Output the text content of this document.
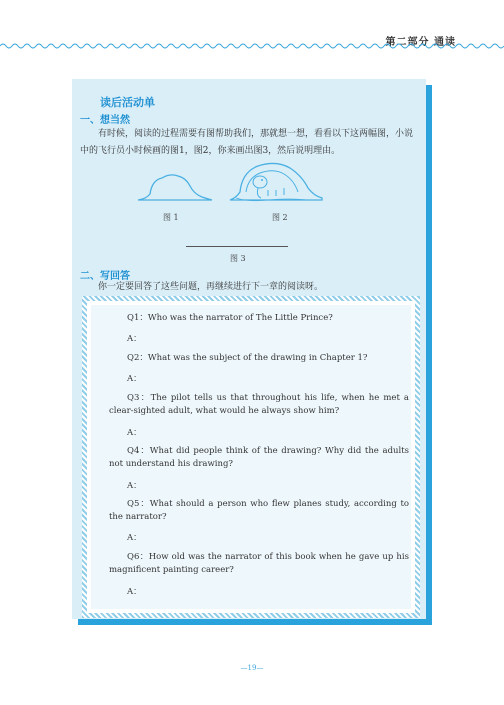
第二部分 通读
读后活动单
一、想当然
有时候，阅读的过程需要有图帮助我们，那就想一想，看看以下这两幅图，小说中的飞行员小时候画的图1，图2，你来画出图3，然后说明理由。
图 1	图 2
图 3
二、写回答
你一定要回答了这些问题，再继续进行下一章的阅读呀。
Q1：Who was the narrator of The Little Prince?
A：
Q2：What was the subject of the drawing in Chapter 1?
A：
Q3：The pilot tells us that throughout his life, when he met a clear-sighted adult, what would he always show him?
A：
Q4：What did people think of the drawing? Why did the adults not understand his drawing?
A：
Q5：What should a person who flew planes study, according to the narrator?
A：
Q6：How old was the narrator of this book when he gave up his magnificent painting career?
A：
—19—
